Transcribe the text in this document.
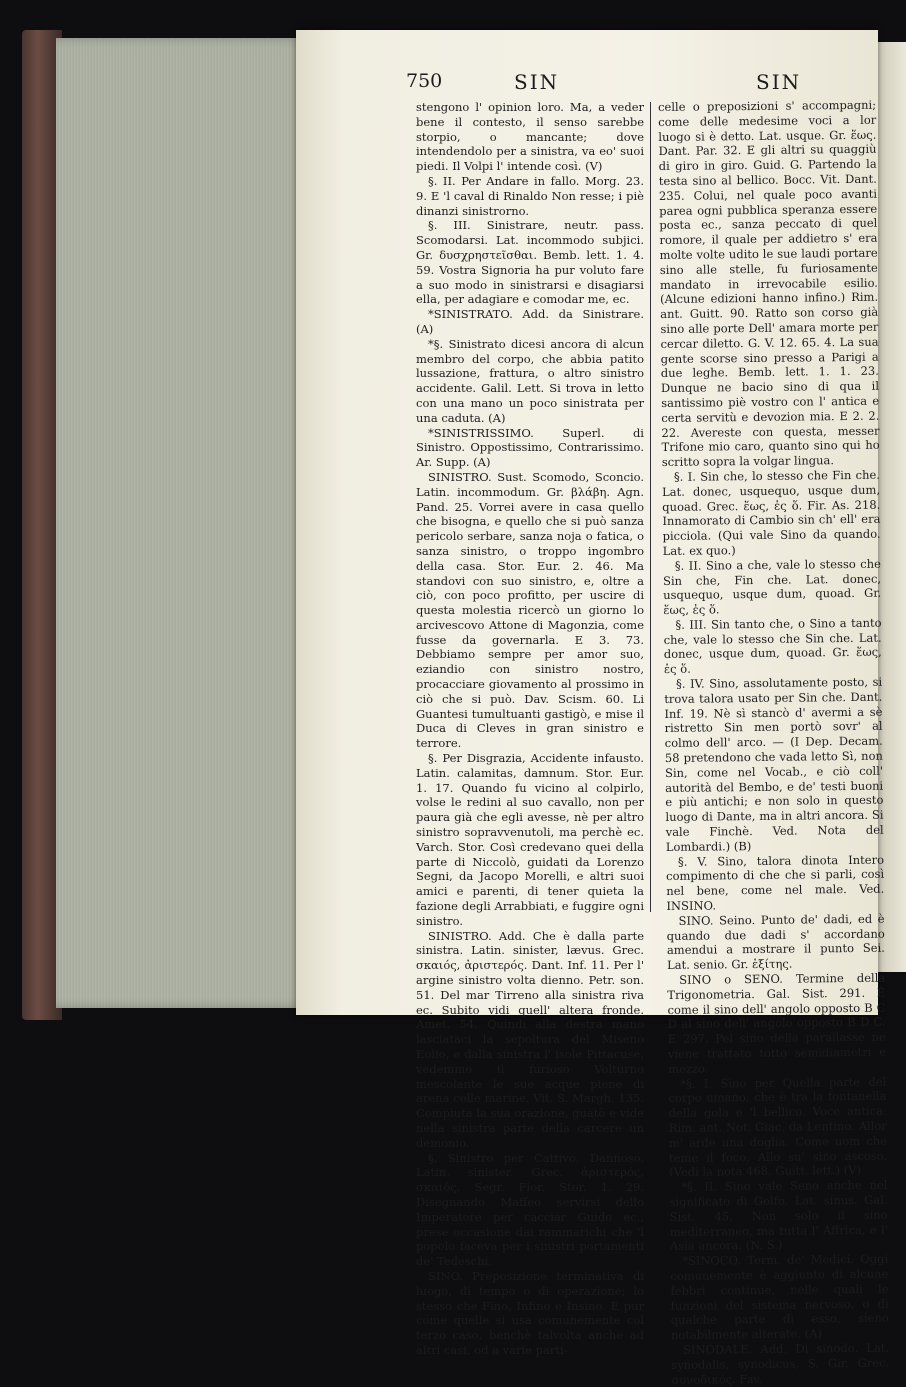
750	SIN	SIN

stengono l' opinion loro. Ma, a veder bene il contesto, il senso sarebbe storpio, o mancante; dove intendendolo per a sinistra, va eo' suoi piedi. Il Volpi l' intende così. (V)

§. II. Per Andare in fallo. Morg. 23. 9. E 'l caval di Rinaldo Non resse; i piè dinanzi sinistrorno.

§. III. Sinistrare, neutr. pass. Scomodarsi. Lat. incommodo subjici. Gr. δυσχρηστεῖσθαι. Bemb. lett. 1. 4. 59. Vostra Signoria ha pur voluto fare a suo modo in sinistrarsi e disagiarsi ella, per adagiare e comodar me, ec.

*SINISTRATO. Add. da Sinistrare. (A)

*§. Sinistrato dicesi ancora di alcun membro del corpo, che abbia patito lussazione, frattura, o altro sinistro accidente. Galil. Lett. Si trova in letto con una mano un poco sinistrata per una caduta. (A)

*SINISTRISSIMO. Superl. di Sinistro. Oppostissimo, Contrarissimo. Ar. Supp. (A)

SINISTRO. Sust. Scomodo, Sconcio. Latin. incommodum. Gr. βλάβη. Agn. Pand. 25. Vorrei avere in casa quello che bisogna, e quello che si può sanza pericolo serbare, sanza noja o fatica, o sanza sinistro, o troppo ingombro della casa. Stor. Eur. 2. 46. Ma standovi con suo sinistro, e, oltre a ciò, con poco profitto, per uscire di questa molestia ricercò un giorno lo arcivescovo Attone di Magonzia, come fusse da governarla. E 3. 73. Debbiamo sempre per amor suo, eziandio con sinistro nostro, procacciare giovamento al prossimo in ciò che si può. Dav. Scism. 60. Li Guantesi tumultuanti gastigò, e mise il Duca di Cleves in gran sinistro e terrore.

§. Per Disgrazia, Accidente infausto. Latin. calamitas, damnum. Stor. Eur. 1. 17. Quando fu vicino al colpirlo, volse le redini al suo cavallo, non per paura già che egli avesse, nè per altro sinistro sopravvenutoli, ma perchè ec. Varch. Stor. Così credevano quei della parte di Niccolò, guidati da Lorenzo Segni, da Jacopo Morelli, e altri suoi amici e parenti, di tener quieta la fazione degli Arrabbiati, e fuggire ogni sinistro.

SINISTRO. Add. Che è dalla parte sinistra. Latin. sinister, lævus. Grec. σκαιός, ἀριστερός. Dant. Inf. 11. Per l' argine sinistro volta dienno. Petr. son. 51. Del mar Tirreno alla sinistra riva ec. Subito vidi quell' altera fronde. Amet. 54. Quindi alla destra mano lasciataci la sepoltura del Miseno Eolio, e dalla sinistra l' isole Pittacuse, vedemmo il furioso Volturno mescolante le sue acque piene di arena colle marine. Vit. S. Margh. 135. Compiuta la sua orazione, guatò e vide nella sinistra parte della carcere un demonio.

§. Sinistro per Cattivo, Dannoso. Latin. sinister. Grec. ἀριστερός, σκαιός. Segr. Fior. Stor. 1. 29. Disegnando Maffeo servirsi dello Imperatore per cacciar Guido ec., prese occasione dai rammarichi che 'l popolo faceva per i sinistri portamenti de' Tedeschi.

SINO. Preposizione terminativa di luogo, di tempo o di operazione; lo stesso che Fino, Infino e Insino. E pur come quelle si usa comunemente col terzo caso, benchè talvolta anche ad altri casi, od a varie parti-

celle o preposizioni s' accompagni; come delle medesime voci a lor luogo si è detto. Lat. usque. Gr. ἕως. Dant. Par. 32. E gli altri su quaggiù di giro in giro. Guid. G. Partendo la testa sino al bellico. Bocc. Vit. Dant. 235. Colui, nel quale poco avanti parea ogni pubblica speranza essere posta ec., sanza peccato di quel romore, il quale per addietro s' era molte volte udito le sue laudi portare sino alle stelle, fu furiosamente mandato in irrevocabile esilio. (Alcune edizioni hanno infino.) Rim. ant. Guitt. 90. Ratto son corso già sino alle porte Dell' amara morte per cercar diletto. G. V. 12. 65. 4. La sua gente scorse sino presso a Parigi a due leghe. Bemb. lett. 1. 1. 23. Dunque ne bacio sino di qua il santissimo piè vostro con l' antica e certa servitù e devozion mia. E 2. 2. 22. Avereste con questa, messer Trifone mio caro, quanto sino qui ho scritto sopra la volgar lingua.

§. I. Sin che, lo stesso che Fin che. Lat. donec, usquequo, usque dum, quoad. Grec. ἕως, ἐς ὅ. Fir. As. 218. Innamorato di Cambio sin ch' ell' era picciola. (Qui vale Sino da quando. Lat. ex quo.)

§. II. Sino a che, vale lo stesso che Sin che, Fin che. Lat. donec, usquequo, usque dum, quoad. Gr. ἕως, ἐς ὅ.

§. III. Sin tanto che, o Sino a tanto che, vale lo stesso che Sin che. Lat. donec, usque dum, quoad. Gr. ἕως, ἐς ὅ.

§. IV. Sino, assolutamente posto, si trova talora usato per Sin che. Dant. Inf. 19. Nè sì stancò d' avermi a sè ristretto Sin men portò sovr' al colmo dell' arco. — (I Dep. Decam. 58 pretendono che vada letto Sì, non Sin, come nel Vocab., e ciò coll' autorità del Bembo, e de' testi buoni e più antichi; e non solo in questo luogo di Dante, ma in altri ancora. Si vale Finchè. Ved. Nota del Lombardi.) (B)

§. V. Sino, talora dinota Intero compimento di che che si parli, così nel bene, come nel male. Ved. INSINO.

SINO. Seino. Punto de' dadi, ed è quando due dadi s' accordano amendui a mostrare il punto Sei. Lat. senio. Gr. ἑξίτης.

SINO o SENO. Termine della Trigonometria. Gal. Sist. 291. È come il sino dell' angolo opposto B C D al sino dell' angolo opposto B D C. E 297. Pel sino della parallasse ne viene trattato totto semidiametri e mezzo.

*§. I. Sino per Quella parte del corpo umano, che è tra la fontanella della gola e 'l bellico. Voce antica. Rim. ant. Not. Giac. da Lentino. Allor m' arde una doglia. Come uom che teme il foco, Allo su' sino ascoso. (Vedi la nota 468. Guitt. lett.) (V)

*§. II. Sino vale Seno anche nel significato di Golfo. Lat. sinus. Gal. Sist. 45. Non solo il sino mediterraneo, ma tutta l' Affrica, e l' Asia ancora. (N. S.)

*SINOCO. Term. de' Medici. Oggi comunemente è aggiunto di alcune febbri continue, nelle quali le funzioni del sistema nervoso, o di qualche parte di esso, sieno notabilmente alterate. (A)

SINODALE. Add. Di sinodo. Lat. synodalis, synodicus, S. Gir. Grec. συνοδικός. Fav.
